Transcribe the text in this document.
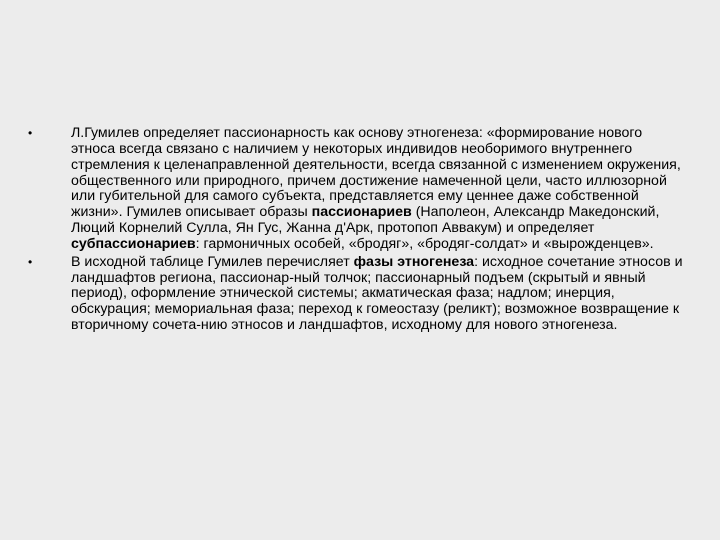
•	Л.Гумилев определяет пассионарность как основу этногенеза: «формирование нового этноса всегда связано с наличием у некоторых индивидов необоримого внутреннего стремления к целенаправленной деятельности, всегда связанной с изменением окружения, общественного или природного, причем достижение намеченной цели, часто иллюзорной или губительной для самого субъекта, представляется ему ценнее даже собственной жизни». Гумилев описывает образы пассионариев (Наполеон, Александр Македонский, Люций Корнелий Сулла, Ян Гус, Жанна д'Арк, протопоп Аввакум) и определяет субпассионариев: гармоничных особей, «бродяг», «бродяг-солдат» и «вырожденцев».
•	В исходной таблице Гумилев перечисляет фазы этногенеза: исходное сочетание этносов и ландшафтов региона, пассионар-ный толчок; пассионарный подъем (скрытый и явный период), оформление этнической системы; акматическая фаза; надлом; инерция, обскурация; мемориальная фаза; переход к гомеостазу (реликт); возможное возвращение к вторичному сочета-нию этносов и ландшафтов, исходному для нового этногенеза.
